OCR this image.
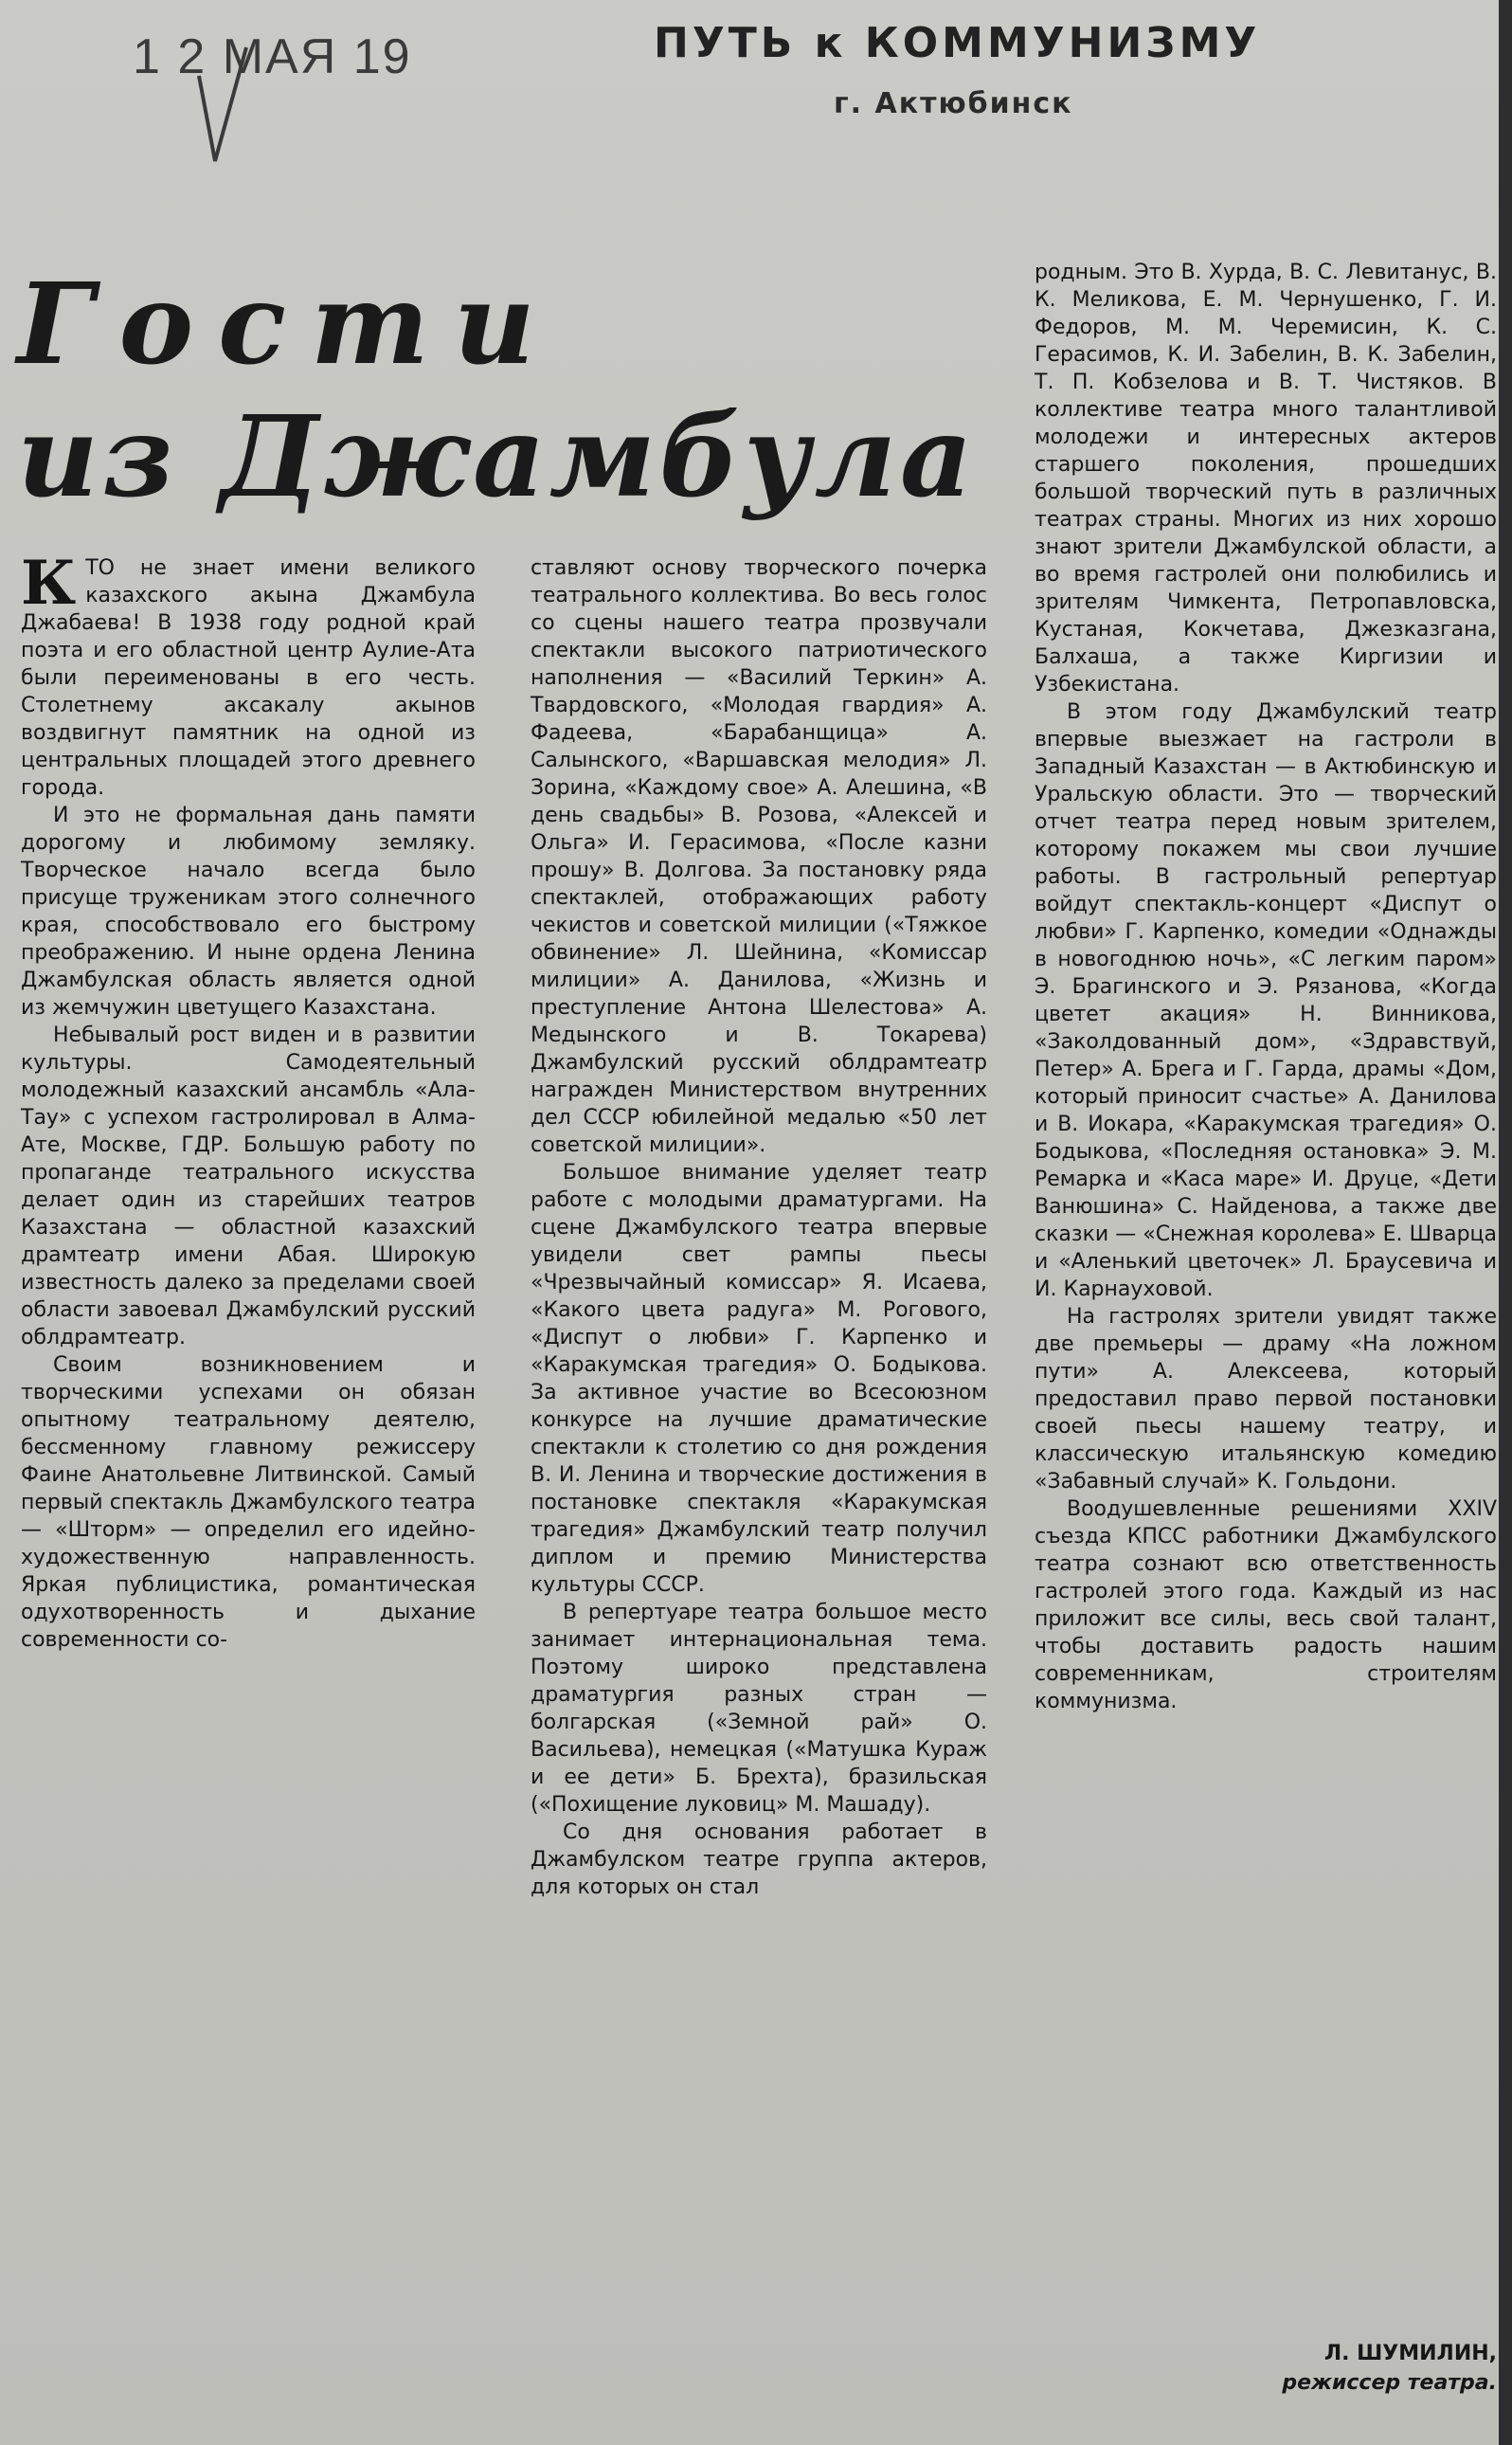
1 2 МАЯ 19	ПУТЬ к КОММУНИЗМУ
г. Актюбинск
Гости
из Джамбула

КТО не знает имени великого казахского акына Джамбула Джабаева! В 1938 году родной край поэта и его областной центр Аулие-Ата были переименованы в его честь. Столетнему аксакалу акынов воздвигнут памятник на одной из центральных площадей этого древнего города.

И это не формальная дань памяти дорогому и любимому земляку. Творческое начало всегда было присуще труженикам этого солнечного края, способствовало его быстрому преображению. И ныне ордена Ленина Джамбулская область является одной из жемчужин цветущего Казахстана.

Небывалый рост виден и в развитии культуры. Самодеятельный молодежный казахский ансамбль «Ала-Тау» с успехом гастролировал в Алма-Ате, Москве, ГДР. Большую работу по пропаганде театрального искусства делает один из старейших театров Казахстана — областной казахский драмтеатр имени Абая. Широкую известность далеко за пределами своей области завоевал Джамбулский русский облдрамтеатр.

Своим возникновением и творческими успехами он обязан опытному театральному деятелю, бессменному главному режиссеру Фаине Анатольевне Литвинской. Самый первый спектакль Джамбулского театра — «Шторм» — определил его идейно-художественную направленность. Яркая публицистика, романтическая одухотворенность и дыхание современности со-

ставляют основу творческого почерка театрального коллектива. Во весь голос со сцены нашего театра прозвучали спектакли высокого патриотического наполнения — «Василий Теркин» А. Твардовского, «Молодая гвардия» А. Фадеева, «Барабанщица» А. Салынского, «Варшавская мелодия» Л. Зорина, «Каждому свое» А. Алешина, «В день свадьбы» В. Розова, «Алексей и Ольга» И. Герасимова, «После казни прошу» В. Долгова. За постановку ряда спектаклей, отображающих работу чекистов и советской милиции («Тяжкое обвинение» Л. Шейнина, «Комиссар милиции» А. Данилова, «Жизнь и преступление Антона Шелестова» А. Медынского и В. Токарева) Джамбулский русский облдрамтеатр награжден Министерством внутренних дел СССР юбилейной медалью «50 лет советской милиции».

Большое внимание уделяет театр работе с молодыми драматургами. На сцене Джамбулского театра впервые увидели свет рампы пьесы «Чрезвычайный комиссар» Я. Исаева, «Какого цвета радуга» М. Рогового, «Диспут о любви» Г. Карпенко и «Каракумская трагедия» О. Бодыкова. За активное участие во Всесоюзном конкурсе на лучшие драматические спектакли к столетию со дня рождения В. И. Ленина и творческие достижения в постановке спектакля «Каракумская трагедия» Джамбулский театр получил диплом и премию Министерства культуры СССР.

В репертуаре театра большое место занимает интернациональная тема. Поэтому широко представлена драматургия разных стран — болгарская («Земной рай» О. Васильева), немецкая («Матушка Кураж и ее дети» Б. Брехта), бразильская («Похищение луковиц» М. Машаду).

Со дня основания работает в Джамбулском театре группа актеров, для которых он стал

родным. Это В. Хурда, В. С. Левитанус, В. К. Меликова, Е. М. Чернушенко, Г. И. Федоров, М. М. Черемисин, К. С. Герасимов, К. И. Забелин, В. К. Забелин, Т. П. Кобзелова и В. Т. Чистяков. В коллективе театра много талантливой молодежи и интересных актеров старшего поколения, прошедших большой творческий путь в различных театрах страны. Многих из них хорошо знают зрители Джамбулской области, а во время гастролей они полюбились и зрителям Чимкента, Петропавловска, Кустаная, Кокчетава, Джезказгана, Балхаша, а также Киргизии и Узбекистана.

В этом году Джамбулский театр впервые выезжает на гастроли в Западный Казахстан — в Актюбинскую и Уральскую области. Это — творческий отчет театра перед новым зрителем, которому покажем мы свои лучшие работы. В гастрольный репертуар войдут спектакль-концерт «Диспут о любви» Г. Карпенко, комедии «Однажды в новогоднюю ночь», «С легким паром» Э. Брагинского и Э. Рязанова, «Когда цветет акация» Н. Винникова, «Заколдованный дом», «Здравствуй, Петер» А. Брега и Г. Гарда, драмы «Дом, который приносит счастье» А. Данилова и В. Иокара, «Каракумская трагедия» О. Бодыкова, «Последняя остановка» Э. М. Ремарка и «Каса маре» И. Друце, «Дети Ванюшина» С. Найденова, а также две сказки — «Снежная королева» Е. Шварца и «Аленький цветочек» Л. Браусевича и И. Карнауховой.

На гастролях зрители увидят также две премьеры — драму «На ложном пути» А. Алексеева, который предоставил право первой постановки своей пьесы нашему театру, и классическую итальянскую комедию «Забавный случай» К. Гольдони.

Воодушевленные решениями XXIV съезда КПСС работники Джамбулского театра сознают всю ответственность гастролей этого года. Каждый из нас приложит все силы, весь свой талант, чтобы доставить радость нашим современникам, строителям коммунизма.

Л. ШУМИЛИН,
режиссер театра.
